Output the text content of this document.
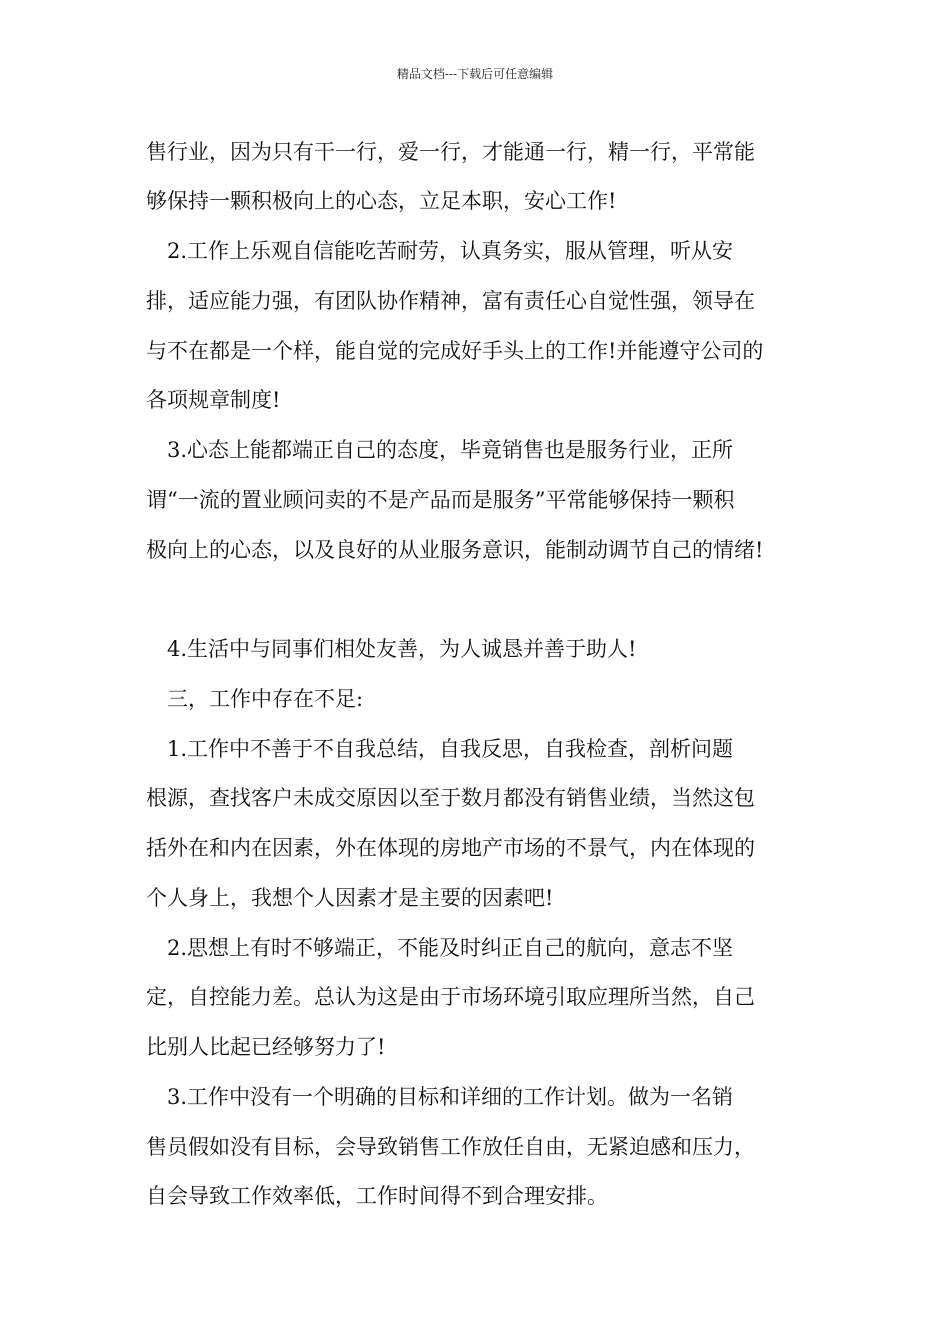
精品文档---下载后可任意编辑
售行业，因为只有干一行，爱一行，才能通一行，精一行，平常能
够保持一颗积极向上的心态，立足本职，安心工作!
　2.工作上乐观自信能吃苦耐劳，认真务实，服从管理，听从安
排，适应能力强，有团队协作精神，富有责任心自觉性强，领导在
与不在都是一个样，能自觉的完成好手头上的工作!并能遵守公司的
各项规章制度!
　3.心态上能都端正自己的态度，毕竟销售也是服务行业，正所
谓“一流的置业顾问卖的不是产品而是服务”平常能够保持一颗积
极向上的心态，以及良好的从业服务意识，能制动调节自己的情绪!
　4.生活中与同事们相处友善，为人诚恳并善于助人!
　三，工作中存在不足:
　1.工作中不善于不自我总结，自我反思，自我检查，剖析问题
根源，查找客户未成交原因以至于数月都没有销售业绩，当然这包
括外在和内在因素，外在体现的房地产市场的不景气，内在体现的
个人身上，我想个人因素才是主要的因素吧!
　2.思想上有时不够端正，不能及时纠正自己的航向，意志不坚
定，自控能力差。总认为这是由于市场环境引取应理所当然，自己
比别人比起已经够努力了!
　3.工作中没有一个明确的目标和详细的工作计划。做为一名销
售员假如没有目标，会导致销售工作放任自由，无紧迫感和压力，
自会导致工作效率低，工作时间得不到合理安排。
